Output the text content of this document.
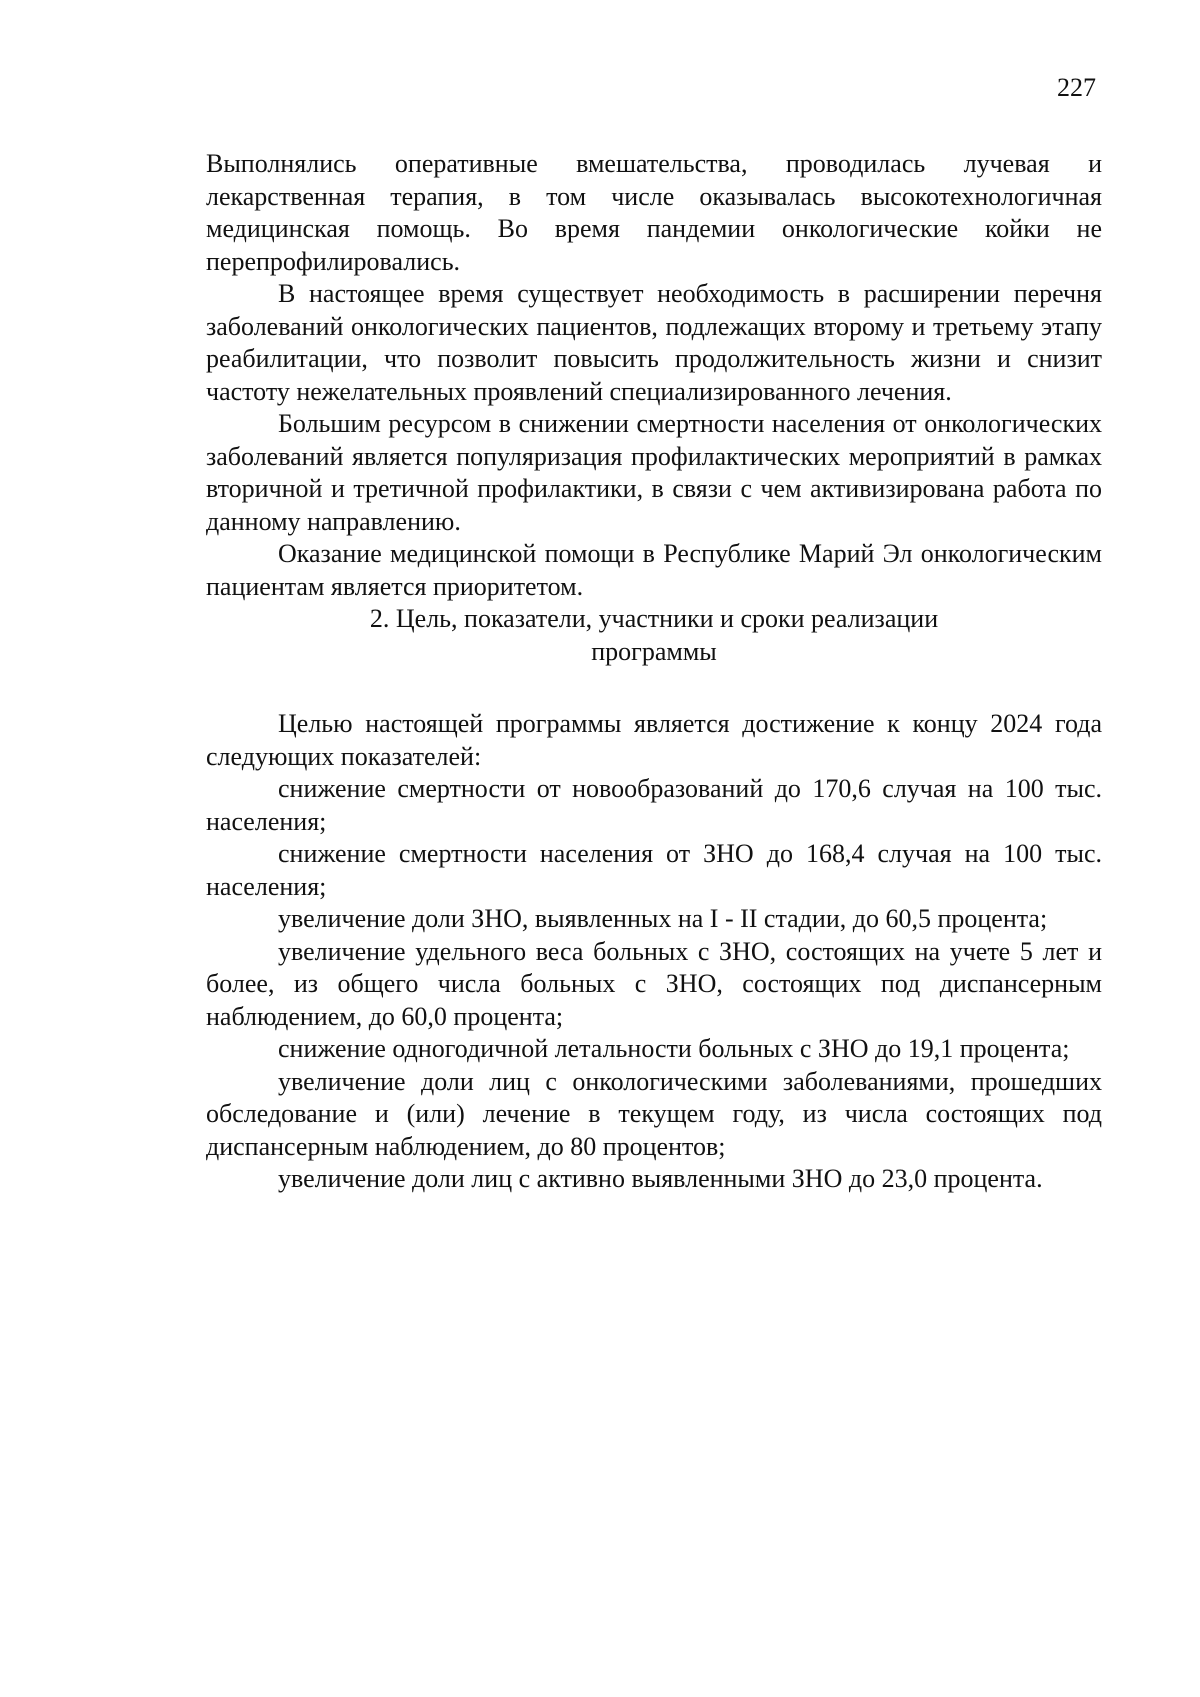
227

Выполнялись оперативные вмешательства, проводилась лучевая и лекарственная терапия, в том числе оказывалась высокотехнологичная медицинская помощь. Во время пандемии онкологические койки не перепрофилировались.

В настоящее время существует необходимость в расширении перечня заболеваний онкологических пациентов, подлежащих второму и третьему этапу реабилитации, что позволит повысить продолжительность жизни и снизит частоту нежелательных проявлений специализированного лечения.

Большим ресурсом в снижении смертности населения от онкологических заболеваний является популяризация профилактических мероприятий в рамках вторичной и третичной профилактики, в связи с чем активизирована работа по данному направлению.

Оказание медицинской помощи в Республике Марий Эл онкологическим пациентам является приоритетом.

2. Цель, показатели, участники и сроки реализации
программы

Целью настоящей программы является достижение к концу 2024 года следующих показателей:

снижение смертности от новообразований до 170,6 случая на 100 тыс. населения;

снижение смертности населения от ЗНО до 168,4 случая на 100 тыс. населения;

увеличение доли ЗНО, выявленных на I - II стадии, до 60,5 процента;

увеличение удельного веса больных с ЗНО, состоящих на учете 5 лет и более, из общего числа больных с ЗНО, состоящих под диспансерным наблюдением, до 60,0 процента;

снижение одногодичной летальности больных с ЗНО до 19,1 процента;

увеличение доли лиц с онкологическими заболеваниями, прошедших обследование и (или) лечение в текущем году, из числа состоящих под диспансерным наблюдением, до 80 процентов;

увеличение доли лиц с активно выявленными ЗНО до 23,0 процента.
